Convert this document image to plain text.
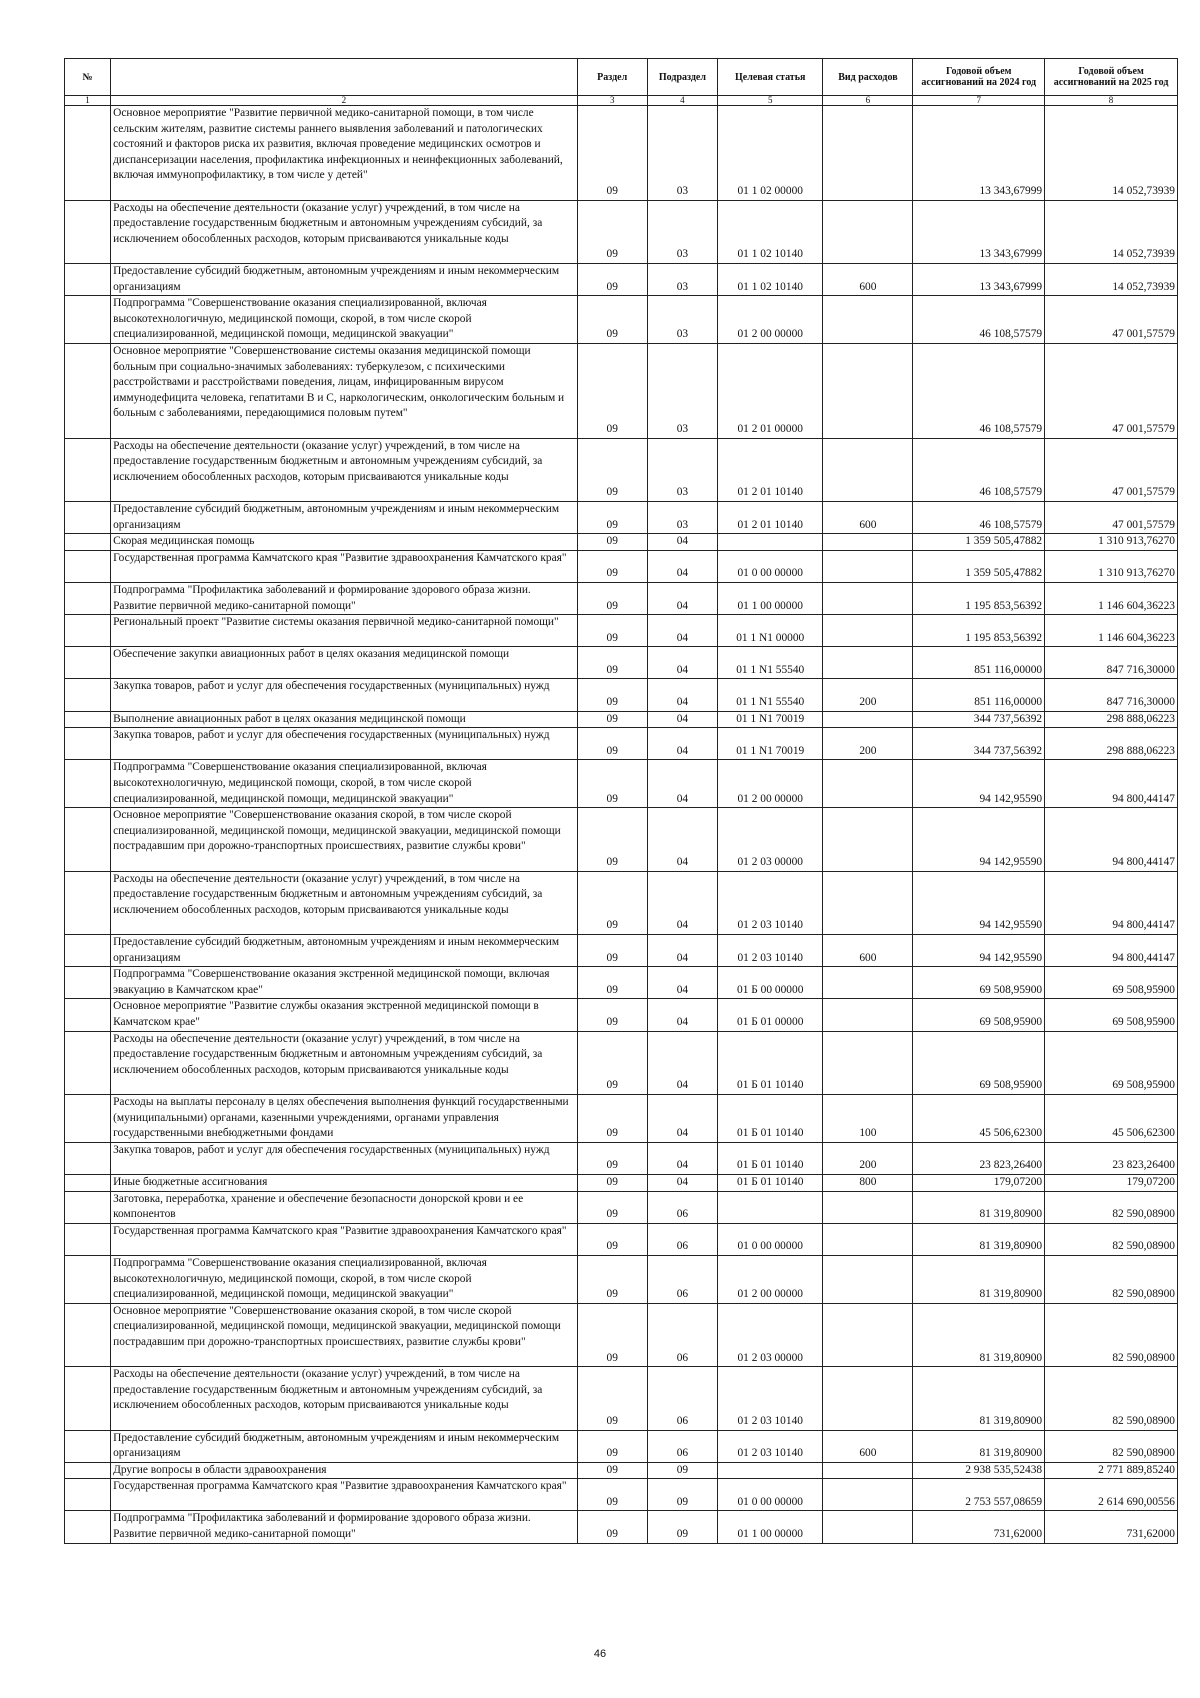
№		Раздел	Подраздел	Целевая статья	Вид расходов	Годовой объем ассигнований на 2024 год	Годовой объем ассигнований на 2025 год
1	2	3	4	5	6	7	8
	Основное мероприятие "Развитие первичной медико-санитарной помощи, в том числе сельским жителям, развитие системы раннего выявления заболеваний и патологических состояний и факторов риска их развития, включая проведение медицинских осмотров и диспансеризации населения, профилактика инфекционных и неинфекционных заболеваний, включая иммунопрофилактику, в том числе у детей"	09	03	01 1 02 00000		13 343,67999	14 052,73939
	Расходы на обеспечение деятельности (оказание услуг) учреждений, в том числе на предоставление государственным бюджетным и автономным учреждениям субсидий, за исключением обособленных расходов, которым присваиваются уникальные коды	09	03	01 1 02 10140		13 343,67999	14 052,73939
	Предоставление субсидий бюджетным, автономным учреждениям и иным некоммерческим организациям	09	03	01 1 02 10140	600	13 343,67999	14 052,73939
	Подпрограмма "Совершенствование оказания специализированной, включая высокотехнологичную, медицинской помощи, скорой, в том числе скорой специализированной, медицинской помощи, медицинской эвакуации"	09	03	01 2 00 00000		46 108,57579	47 001,57579
	Основное мероприятие "Совершенствование системы оказания медицинской помощи больным при социально-значимых заболеваниях: туберкулезом, с психическими расстройствами и расстройствами поведения, лицам, инфицированным вирусом иммунодефицита человека, гепатитами В и С, наркологическим, онкологическим больным и больным с заболеваниями, передающимися половым путем"	09	03	01 2 01 00000		46 108,57579	47 001,57579
	Расходы на обеспечение деятельности (оказание услуг) учреждений, в том числе на предоставление государственным бюджетным и автономным учреждениям субсидий, за исключением обособленных расходов, которым присваиваются уникальные коды	09	03	01 2 01 10140		46 108,57579	47 001,57579
	Предоставление субсидий бюджетным, автономным учреждениям и иным некоммерческим организациям	09	03	01 2 01 10140	600	46 108,57579	47 001,57579
	Скорая медицинская помощь	09	04			1 359 505,47882	1 310 913,76270
	Государственная программа Камчатского края "Развитие здравоохранения Камчатского края"	09	04	01 0 00 00000		1 359 505,47882	1 310 913,76270
	Подпрограмма "Профилактика заболеваний и формирование здорового образа жизни. Развитие первичной медико-санитарной помощи"	09	04	01 1 00 00000		1 195 853,56392	1 146 604,36223
	Региональный проект "Развитие системы оказания первичной медико-санитарной помощи"	09	04	01 1 N1 00000		1 195 853,56392	1 146 604,36223
	Обеспечение закупки авиационных работ в целях оказания медицинской помощи	09	04	01 1 N1 55540		851 116,00000	847 716,30000
	Закупка товаров, работ и услуг для обеспечения государственных (муниципальных) нужд	09	04	01 1 N1 55540	200	851 116,00000	847 716,30000
	Выполнение авиационных работ в целях оказания медицинской помощи	09	04	01 1 N1 70019		344 737,56392	298 888,06223
	Закупка товаров, работ и услуг для обеспечения государственных (муниципальных) нужд	09	04	01 1 N1 70019	200	344 737,56392	298 888,06223
	Подпрограмма "Совершенствование оказания специализированной, включая высокотехнологичную, медицинской помощи, скорой, в том числе скорой специализированной, медицинской помощи, медицинской эвакуации"	09	04	01 2 00 00000		94 142,95590	94 800,44147
	Основное мероприятие "Совершенствование оказания скорой, в том числе скорой специализированной, медицинской помощи, медицинской эвакуации, медицинской помощи пострадавшим при дорожно-транспортных происшествиях, развитие службы крови"	09	04	01 2 03 00000		94 142,95590	94 800,44147
	Расходы на обеспечение деятельности (оказание услуг) учреждений, в том числе на предоставление государственным бюджетным и автономным учреждениям субсидий, за исключением обособленных расходов, которым присваиваются уникальные коды	09	04	01 2 03 10140		94 142,95590	94 800,44147
	Предоставление субсидий бюджетным, автономным учреждениям и иным некоммерческим организациям	09	04	01 2 03 10140	600	94 142,95590	94 800,44147
	Подпрограмма "Совершенствование оказания экстренной медицинской помощи, включая эвакуацию в Камчатском крае"	09	04	01 Б 00 00000		69 508,95900	69 508,95900
	Основное мероприятие "Развитие службы оказания экстренной медицинской помощи в Камчатском крае"	09	04	01 Б 01 00000		69 508,95900	69 508,95900
	Расходы на обеспечение деятельности (оказание услуг) учреждений, в том числе на предоставление государственным бюджетным и автономным учреждениям субсидий, за исключением обособленных расходов, которым присваиваются уникальные коды	09	04	01 Б 01 10140		69 508,95900	69 508,95900
	Расходы на выплаты персоналу в целях обеспечения выполнения функций государственными (муниципальными) органами, казенными учреждениями, органами управления государственными внебюджетными фондами	09	04	01 Б 01 10140	100	45 506,62300	45 506,62300
	Закупка товаров, работ и услуг для обеспечения государственных (муниципальных) нужд	09	04	01 Б 01 10140	200	23 823,26400	23 823,26400
	Иные бюджетные ассигнования	09	04	01 Б 01 10140	800	179,07200	179,07200
	Заготовка, переработка, хранение и обеспечение безопасности донорской крови и ее компонентов	09	06			81 319,80900	82 590,08900
	Государственная программа Камчатского края "Развитие здравоохранения Камчатского края"	09	06	01 0 00 00000		81 319,80900	82 590,08900
	Подпрограмма "Совершенствование оказания специализированной, включая высокотехнологичную, медицинской помощи, скорой, в том числе скорой специализированной, медицинской помощи, медицинской эвакуации"	09	06	01 2 00 00000		81 319,80900	82 590,08900
	Основное мероприятие "Совершенствование оказания скорой, в том числе скорой специализированной, медицинской помощи, медицинской эвакуации, медицинской помощи пострадавшим при дорожно-транспортных происшествиях, развитие службы крови"	09	06	01 2 03 00000		81 319,80900	82 590,08900
	Расходы на обеспечение деятельности (оказание услуг) учреждений, в том числе на предоставление государственным бюджетным и автономным учреждениям субсидий, за исключением обособленных расходов, которым присваиваются уникальные коды	09	06	01 2 03 10140		81 319,80900	82 590,08900
	Предоставление субсидий бюджетным, автономным учреждениям и иным некоммерческим организациям	09	06	01 2 03 10140	600	81 319,80900	82 590,08900
	Другие вопросы в области здравоохранения	09	09			2 938 535,52438	2 771 889,85240
	Государственная программа Камчатского края "Развитие здравоохранения Камчатского края"	09	09	01 0 00 00000		2 753 557,08659	2 614 690,00556
	Подпрограмма "Профилактика заболеваний и формирование здорового образа жизни. Развитие первичной медико-санитарной помощи"	09	09	01 1 00 00000		731,62000	731,62000
46
